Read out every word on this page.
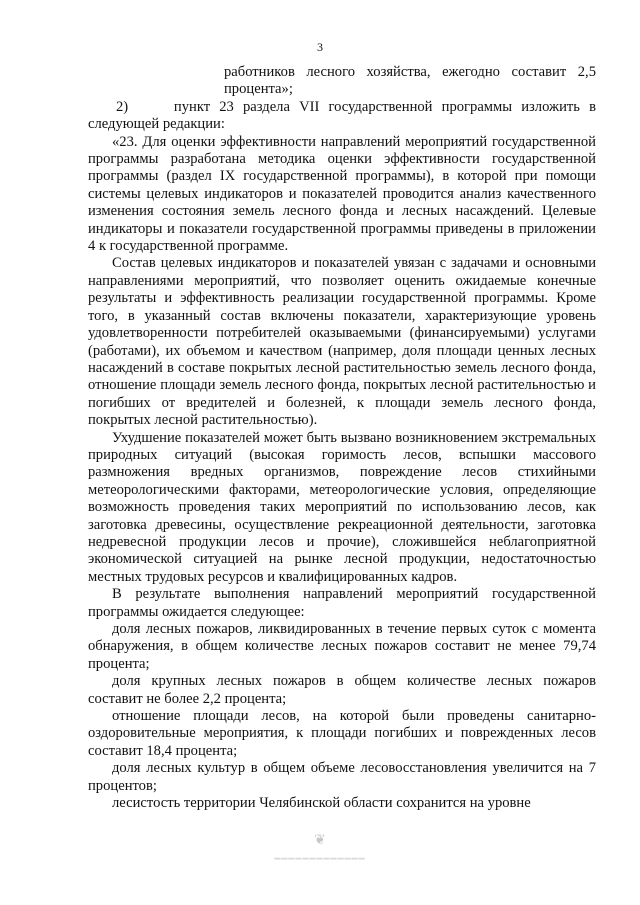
3

работников лесного хозяйства, ежегодно составит 2,5 процента»;

2)     пункт 23 раздела VII государственной программы изложить в следующей редакции:

«23. Для оценки эффективности направлений мероприятий государственной программы разработана методика оценки эффективности государственной программы (раздел IX государственной программы), в которой при помощи системы целевых индикаторов и показателей проводится анализ качественного изменения состояния земель лесного фонда и лесных насаждений. Целевые индикаторы и показатели государственной программы приведены в приложении 4 к государственной программе.

Состав целевых индикаторов и показателей увязан с задачами и основными направлениями мероприятий, что позволяет оценить ожидаемые конечные результаты и эффективность реализации государственной программы. Кроме того, в указанный состав включены показатели, характеризующие уровень удовлетворенности потребителей оказываемыми (финансируемыми) услугами (работами), их объемом и качеством (например, доля площади ценных лесных насаждений в составе покрытых лесной растительностью земель лесного фонда, отношение площади земель лесного фонда, покрытых лесной растительностью и погибших от вредителей и болезней, к площади земель лесного фонда, покрытых лесной растительностью).

Ухудшение показателей может быть вызвано возникновением экстремальных природных ситуаций (высокая горимость лесов, вспышки массового размножения вредных организмов, повреждение лесов стихийными метеорологическими факторами, метеорологические условия, определяющие возможность проведения таких мероприятий по использованию лесов, как заготовка древесины, осуществление рекреационной деятельности, заготовка недревесной продукции лесов и прочие), сложившейся неблагоприятной экономической ситуацией на рынке лесной продукции, недостаточностью местных трудовых ресурсов и квалифицированных кадров.

В результате выполнения направлений мероприятий государственной программы ожидается следующее:

доля лесных пожаров, ликвидированных в течение первых суток с момента обнаружения, в общем количестве лесных пожаров составит не менее 79,74 процента;

доля крупных лесных пожаров в общем количестве лесных пожаров составит не более 2,2 процента;

отношение площади лесов, на которой были проведены санитарно-оздоровительные мероприятия, к площади погибших и поврежденных лесов составит 18,4 процента;

доля лесных культур в общем объеме лесовосстановления увеличится на 7 процентов;

лесистость территории Челябинской области сохранится на уровне

❦
━━━━━━━━━━━━━
